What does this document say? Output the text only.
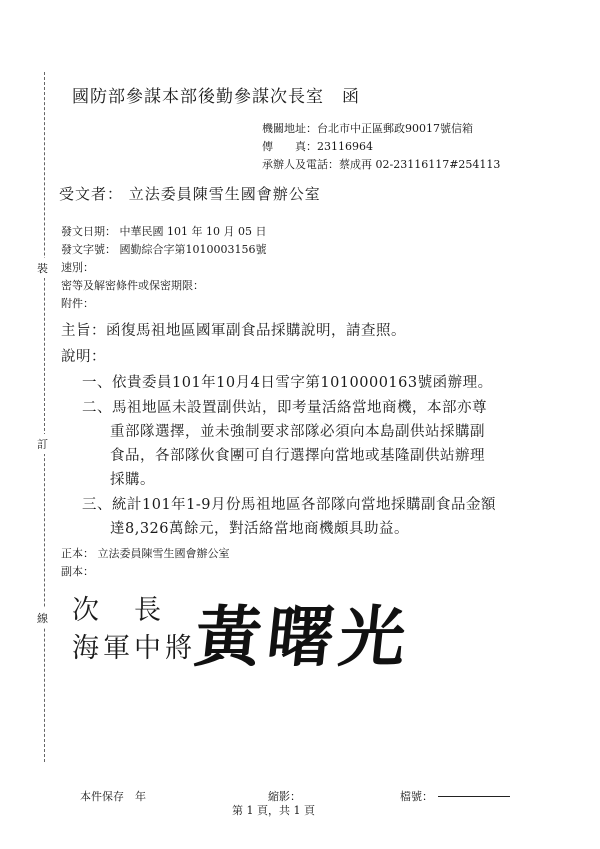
裝
訂
線
國防部參謀本部後勤參謀次長室　函
機關地址：台北市中正區郵政90017號信箱
傳　　真：23116964
承辦人及電話：蔡成再 02-23116117#254113
受文者： 立法委員陳雪生國會辦公室
發文日期： 中華民國 101 年 10 月 05 日
發文字號： 國勤綜合字第1010003156號
速別：
密等及解密條件或保密期限：
附件：
主旨：函復馬祖地區國軍副食品採購說明，請查照。
說明：
一、依貴委員101年10月4日雪字第1010000163號函辦理。
二、馬祖地區未設置副供站，即考量活絡當地商機，本部亦尊
重部隊選擇，並未強制要求部隊必須向本島副供站採購副
食品，各部隊伙食團可自行選擇向當地或基隆副供站辦理
採購。
三、統計101年1-9月份馬祖地區各部隊向當地採購副食品金額
達8,326萬餘元，對活絡當地商機頗具助益。
正本： 立法委員陳雪生國會辦公室
副本：
次　長
海軍中將
黃曙光
本件保存　年	縮影：
第 1 頁，共 1 頁
檔號：
